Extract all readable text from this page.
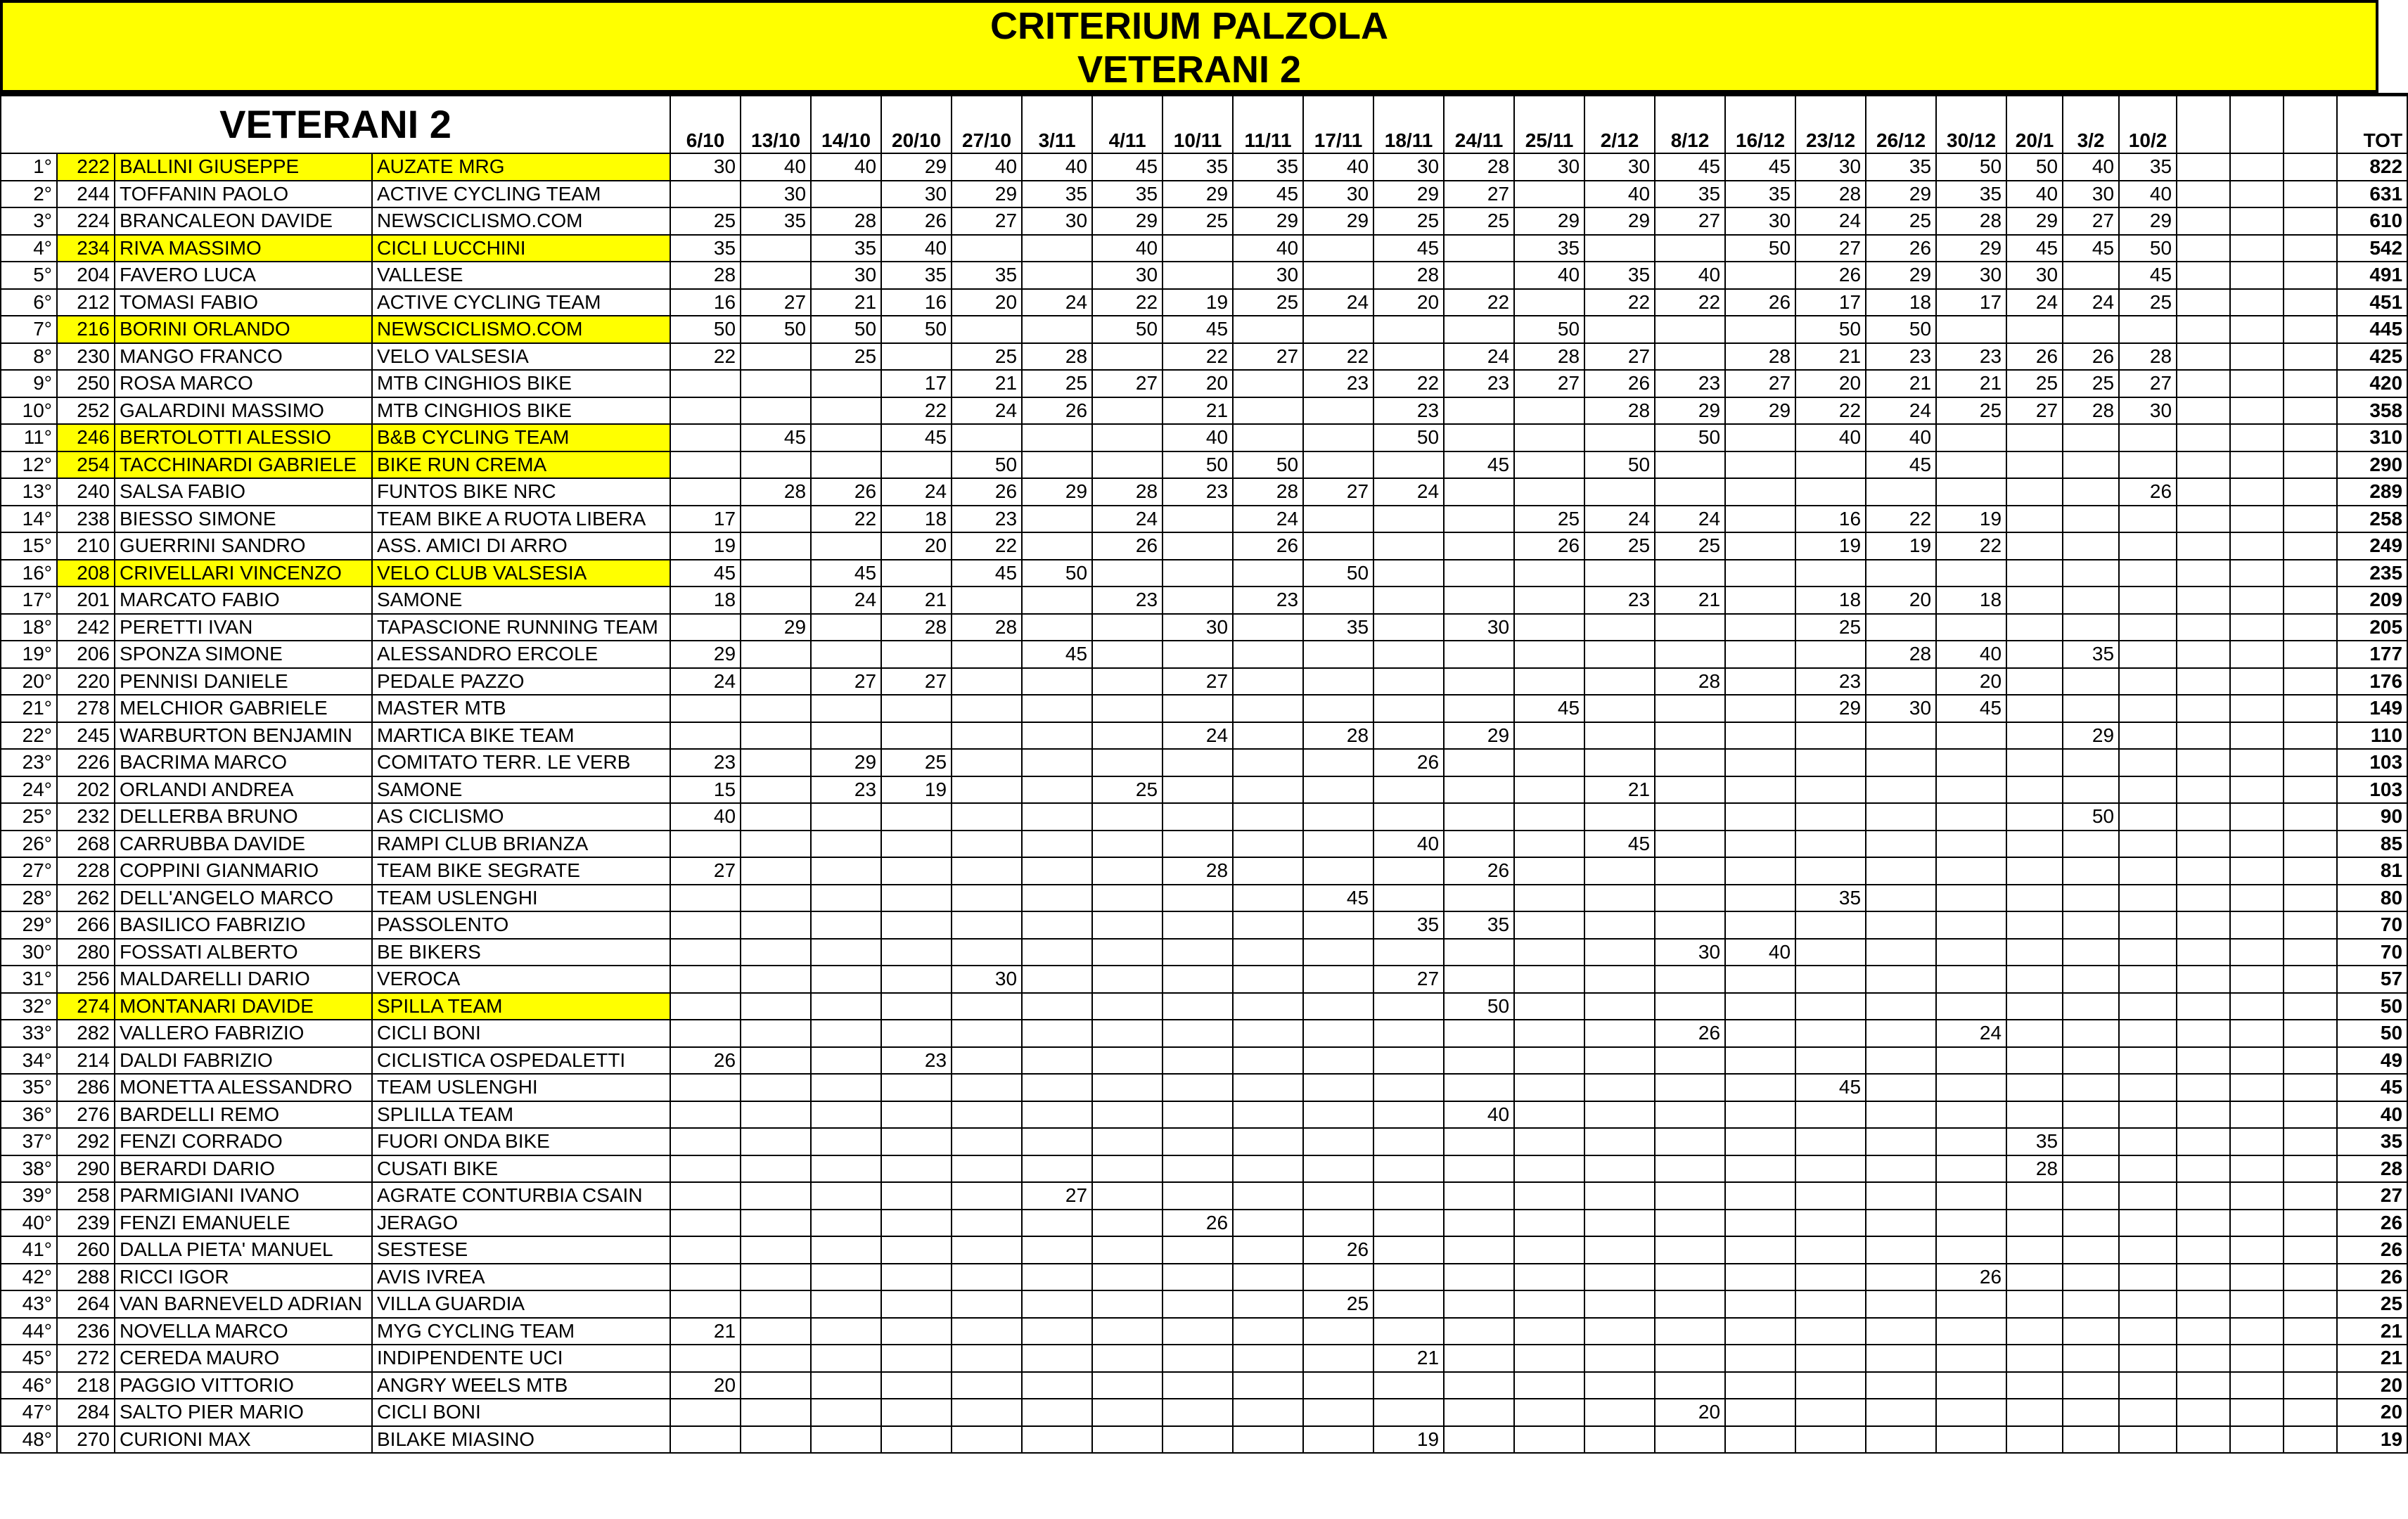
CRITERIUM PALZOLA
VETERANI 2
VETERANI 2				6/10	13/10	14/10	20/10	27/10	3/11	4/11	10/11	11/11	17/11	18/11	24/11	25/11	2/12	8/12	16/12	23/12	26/12	30/12	20/1	3/2	10/2				TOT
1°	222	BALLINI GIUSEPPE	AUZATE MRG	30	40	40	29	40	40	45	35	35	40	30	28	30	30	45	45	30	35	50	50	40	35				822
2°	244	TOFFANIN PAOLO	ACTIVE CYCLING TEAM		30		30	29	35	35	29	45	30	29	27		40	35	35	28	29	35	40	30	40				631
3°	224	BRANCALEON DAVIDE	NEWSCICLISMO.COM	25	35	28	26	27	30	29	25	29	29	25	25	29	29	27	30	24	25	28	29	27	29				610
4°	234	RIVA MASSIMO	CICLI LUCCHINI	35		35	40			40		40		45		35			50	27	26	29	45	45	50				542
5°	204	FAVERO LUCA	VALLESE	28		30	35	35		30		30		28		40	35	40		26	29	30	30		45				491
6°	212	TOMASI FABIO	ACTIVE CYCLING TEAM	16	27	21	16	20	24	22	19	25	24	20	22		22	22	26	17	18	17	24	24	25				451
7°	216	BORINI ORLANDO	NEWSCICLISMO.COM	50	50	50	50			50	45					50				50	50								445
8°	230	MANGO FRANCO	VELO VALSESIA	22		25		25	28		22	27	22		24	28	27		28	21	23	23	26	26	28				425
9°	250	ROSA MARCO	MTB CINGHIOS BIKE				17	21	25	27	20		23	22	23	27	26	23	27	20	21	21	25	25	27				420
10°	252	GALARDINI MASSIMO	MTB CINGHIOS BIKE				22	24	26		21			23			28	29	29	22	24	25	27	28	30				358
11°	246	BERTOLOTTI ALESSIO	B&B CYCLING TEAM		45		45				40			50				50		40	40								310
12°	254	TACCHINARDI GABRIELE	BIKE RUN CREMA					50			50	50			45		50				45								290
13°	240	SALSA FABIO	FUNTOS BIKE NRC		28	26	24	26	29	28	23	28	27	24											26				289
14°	238	BIESSO SIMONE	TEAM BIKE A RUOTA LIBERA	17		22	18	23		24		24				25	24	24		16	22	19							258
15°	210	GUERRINI SANDRO	ASS. AMICI DI ARRO	19			20	22		26		26				26	25	25		19	19	22							249
16°	208	CRIVELLARI VINCENZO	VELO CLUB VALSESIA	45		45		45	50				50																235
17°	201	MARCATO FABIO	SAMONE	18		24	21			23		23					23	21		18	20	18							209
18°	242	PERETTI IVAN	TAPASCIONE RUNNING TEAM		29		28	28			30		35		30					25									205
19°	206	SPONZA SIMONE	ALESSANDRO ERCOLE	29					45												28	40		35					177
20°	220	PENNISI DANIELE	PEDALE PAZZO	24		27	27				27							28		23		20							176
21°	278	MELCHIOR GABRIELE	MASTER MTB													45				29	30	45							149
22°	245	WARBURTON BENJAMIN	MARTICA BIKE TEAM								24		28		29									29					110
23°	226	BACRIMA MARCO	COMITATO TERR. LE VERB	23		29	25							26															103
24°	202	ORLANDI ANDREA	SAMONE	15		23	19			25							21												103
25°	232	DELLERBA BRUNO	AS CICLISMO	40																				50					90
26°	268	CARRUBBA DAVIDE	RAMPI CLUB BRIANZA											40			45												85
27°	228	COPPINI GIANMARIO	TEAM BIKE SEGRATE	27							28				26														81
28°	262	DELL'ANGELO MARCO	TEAM USLENGHI										45							35									80
29°	266	BASILICO FABRIZIO	PASSOLENTO											35	35														70
30°	280	FOSSATI ALBERTO	BE BIKERS															30	40										70
31°	256	MALDARELLI DARIO	VEROCA					30						27															57
32°	274	MONTANARI DAVIDE	SPILLA TEAM												50														50
33°	282	VALLERO FABRIZIO	CICLI BONI															26				24							50
34°	214	DALDI FABRIZIO	CICLISTICA OSPEDALETTI	26			23																						49
35°	286	MONETTA ALESSANDRO	TEAM USLENGHI																	45									45
36°	276	BARDELLI REMO	SPLILLA TEAM												40														40
37°	292	FENZI CORRADO	FUORI ONDA BIKE																				35						35
38°	290	BERARDI DARIO	CUSATI BIKE																				28						28
39°	258	PARMIGIANI IVANO	AGRATE CONTURBIA CSAIN						27																				27
40°	239	FENZI EMANUELE	JERAGO								26																		26
41°	260	DALLA PIETA' MANUEL	SESTESE										26																26
42°	288	RICCI IGOR	AVIS IVREA																			26							26
43°	264	VAN BARNEVELD ADRIAN	VILLA GUARDIA										25																25
44°	236	NOVELLA MARCO	MYG CYCLING TEAM	21																									21
45°	272	CEREDA MAURO	INDIPENDENTE UCI											21															21
46°	218	PAGGIO VITTORIO	ANGRY WEELS MTB	20																									20
47°	284	SALTO PIER MARIO	CICLI BONI															20											20
48°	270	CURIONI MAX	BILAKE MIASINO											19															19
